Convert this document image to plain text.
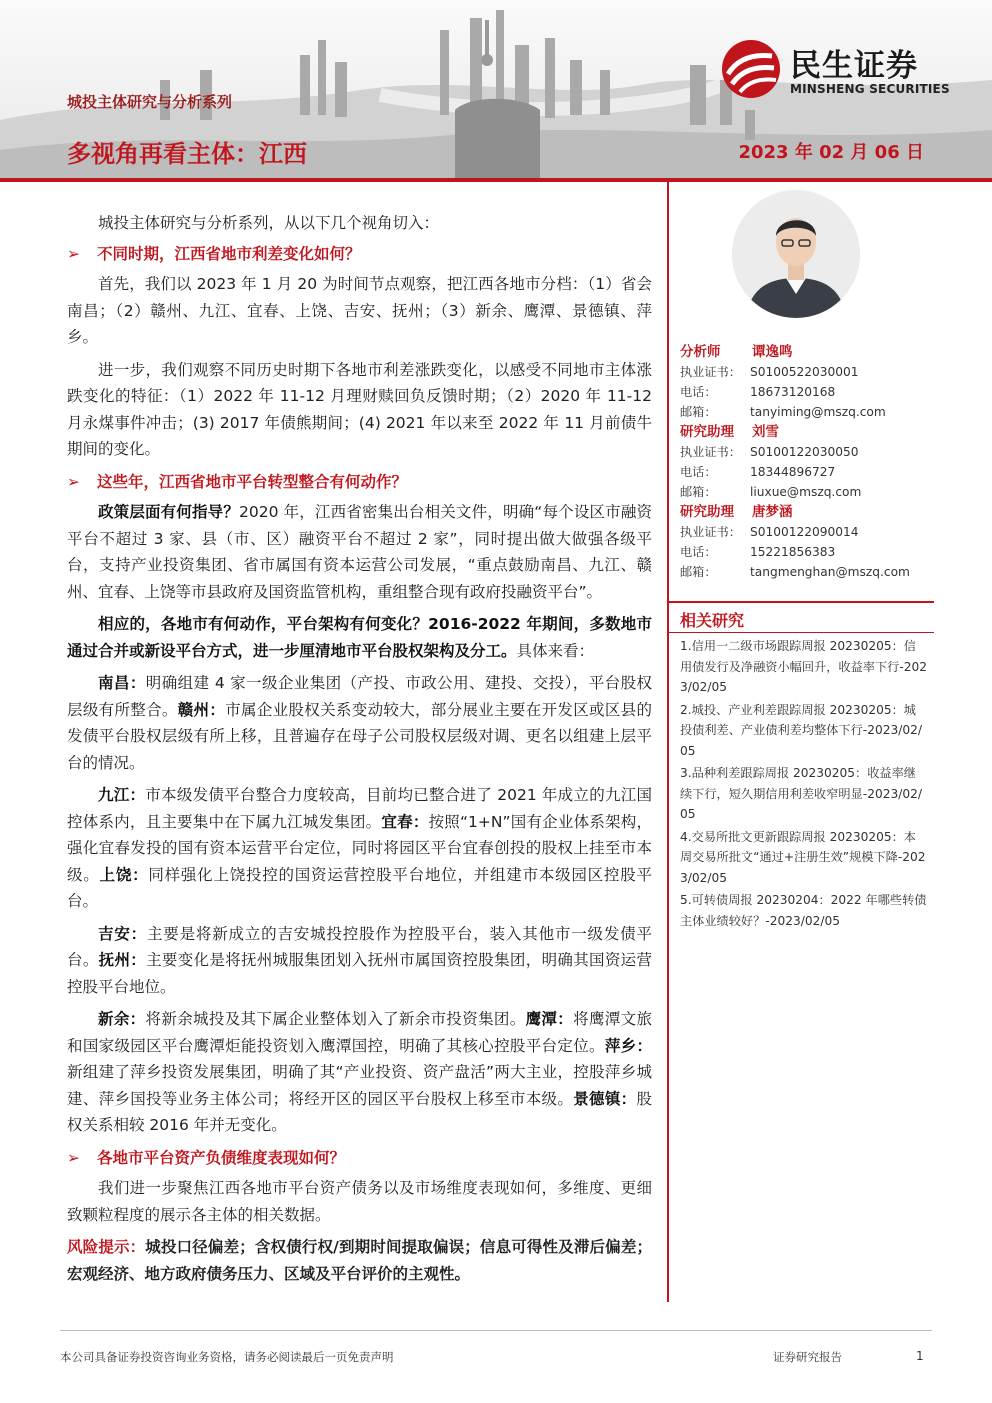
民生证券
MINSHENG SECURITIES
城投主体研究与分析系列
多视角再看主体：江西	2023 年 02 月 06 日

城投主体研究与分析系列，从以下几个视角切入：

➢ 不同时期，江西省地市利差变化如何？

首先，我们以 2023 年 1 月 20 为时间节点观察，把江西各地市分档：（1）省会南昌；（2）赣州、九江、宜春、上饶、吉安、抚州；（3）新余、鹰潭、景德镇、萍乡。

进一步，我们观察不同历史时期下各地市利差涨跌变化，以感受不同地市主体涨跌变化的特征：（1）2022 年 11-12 月理财赎回负反馈时期；（2）2020 年 11-12 月永煤事件冲击；(3) 2017 年债熊期间；(4) 2021 年以来至 2022 年 11 月前债牛期间的变化。

➢ 这些年，江西省地市平台转型整合有何动作？

政策层面有何指导？2020 年，江西省密集出台相关文件，明确“每个设区市融资平台不超过 3 家、县（市、区）融资平台不超过 2 家”，同时提出做大做强各级平台，支持产业投资集团、省市属国有资本运营公司发展，“重点鼓励南昌、九江、赣州、宜春、上饶等市县政府及国资监管机构，重组整合现有政府投融资平台”。

相应的，各地市有何动作，平台架构有何变化？2016-2022 年期间，多数地市通过合并或新设平台方式，进一步厘清地市平台股权架构及分工。具体来看：

南昌：明确组建 4 家一级企业集团（产投、市政公用、建投、交投），平台股权层级有所整合。赣州：市属企业股权关系变动较大，部分展业主要在开发区或区县的发债平台股权层级有所上移，且普遍存在母子公司股权层级对调、更名以组建上层平台的情况。

九江：市本级发债平台整合力度较高，目前均已整合进了 2021 年成立的九江国控体系内，且主要集中在下属九江城发集团。宜春：按照“1+N”国有企业体系架构，强化宜春发投的国有资本运营平台定位，同时将园区平台宜春创投的股权上挂至市本级。上饶：同样强化上饶投控的国资运营控股平台地位，并组建市本级园区控股平台。

吉安：主要是将新成立的吉安城投控股作为控股平台，装入其他市一级发债平台。抚州：主要变化是将抚州城服集团划入抚州市属国资控股集团，明确其国资运营控股平台地位。

新余：将新余城投及其下属企业整体划入了新余市投资集团。鹰潭：将鹰潭文旅和国家级园区平台鹰潭炬能投资划入鹰潭国控，明确了其核心控股平台定位。萍乡：新组建了萍乡投资发展集团，明确了其“产业投资、资产盘活”两大主业，控股萍乡城建、萍乡国投等业务主体公司；将经开区的园区平台股权上移至市本级。景德镇：股权关系相较 2016 年并无变化。

➢ 各地市平台资产负债维度表现如何？

我们进一步聚焦江西各地市平台资产债务以及市场维度表现如何，多维度、更细致颗粒程度的展示各主体的相关数据。

风险提示：城投口径偏差；含权债行权/到期时间提取偏误；信息可得性及滞后偏差；宏观经济、地方政府债务压力、区域及平台评价的主观性。

分析师 谭逸鸣
执业证书： S0100522030001
电话：	18673120168
邮箱：	tanyiming@mszq.com
研究助理 刘雪
执业证书： S0100122030050
电话：	18344896727
邮箱：	liuxue@mszq.com
研究助理 唐梦涵
执业证书： S0100122090014
电话：	15221856383
邮箱：	tangmenghan@mszq.com
相关研究
1.信用一二级市场跟踪周报 20230205：信用债发行及净融资小幅回升，收益率下行-2023/02/05
2.城投、产业利差跟踪周报 20230205：城投债利差、产业债利差均整体下行-2023/02/05
3.品种利差跟踪周报 20230205：收益率继续下行，短久期信用利差收窄明显-2023/02/05
4.交易所批文更新跟踪周报 20230205：本周交易所批文“通过+注册生效”规模下降-2023/02/05
5.可转债周报 20230204：2022 年哪些转债主体业绩较好？-2023/02/05
本公司具备证券投资咨询业务资格，请务必阅读最后一页免责声明	证券研究报告	1
